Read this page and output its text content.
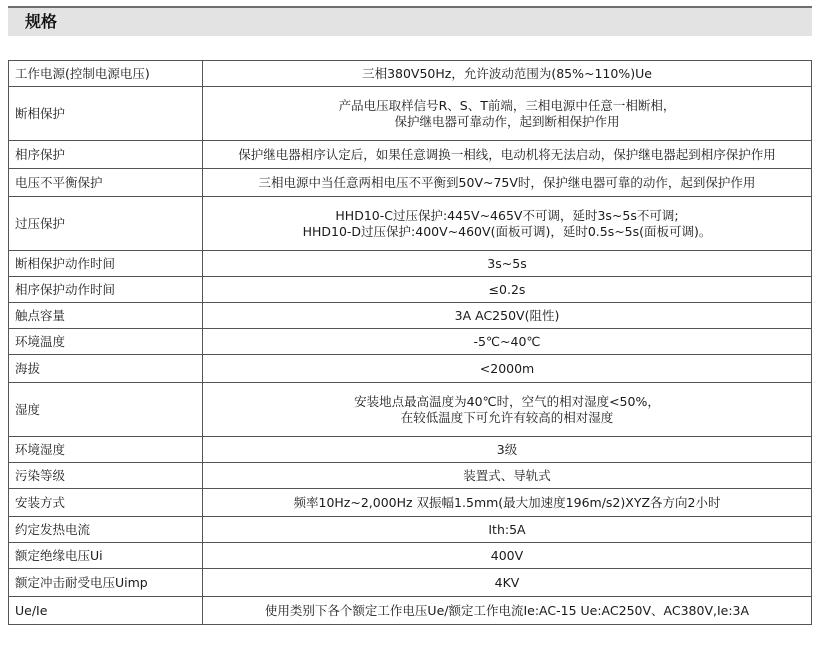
规格
工作电源(控制电源电压)	三相380V50Hz，允许波动范围为(85%~110%)Ue
断相保护	产品电压取样信号R、S、T前端，三相电源中任意一相断相，
保护继电器可靠动作，起到断相保护作用
相序保护	保护继电器相序认定后，如果任意调换一相线，电动机将无法启动，保护继电器起到相序保护作用
电压不平衡保护	三相电源中当任意两相电压不平衡到50V~75V时，保护继电器可靠的动作，起到保护作用
过压保护	HHD10-C过压保护:445V~465V不可调，延时3s~5s不可调;
HHD10-D过压保护:400V~460V(面板可调)，延时0.5s~5s(面板可调)。
断相保护动作时间	3s~5s
相序保护动作时间	≤0.2s
触点容量	3A AC250V(阻性)
环境温度	-5℃~40℃
海拔	<2000m
湿度	安装地点最高温度为40℃时，空气的相对湿度<50%，
在较低温度下可允许有较高的相对湿度
环境湿度	3级
污染等级	装置式、导轨式
安装方式	频率10Hz~2,000Hz 双振幅1.5mm(最大加速度196m/s2)XYZ各方向2小时
约定发热电流	Ith:5A
额定绝缘电压Ui	400V
额定冲击耐受电压Uimp	4KV
Ue/Ie	使用类别下各个额定工作电压Ue/额定工作电流Ie:AC-15 Ue:AC250V、AC380V,Ie:3A
